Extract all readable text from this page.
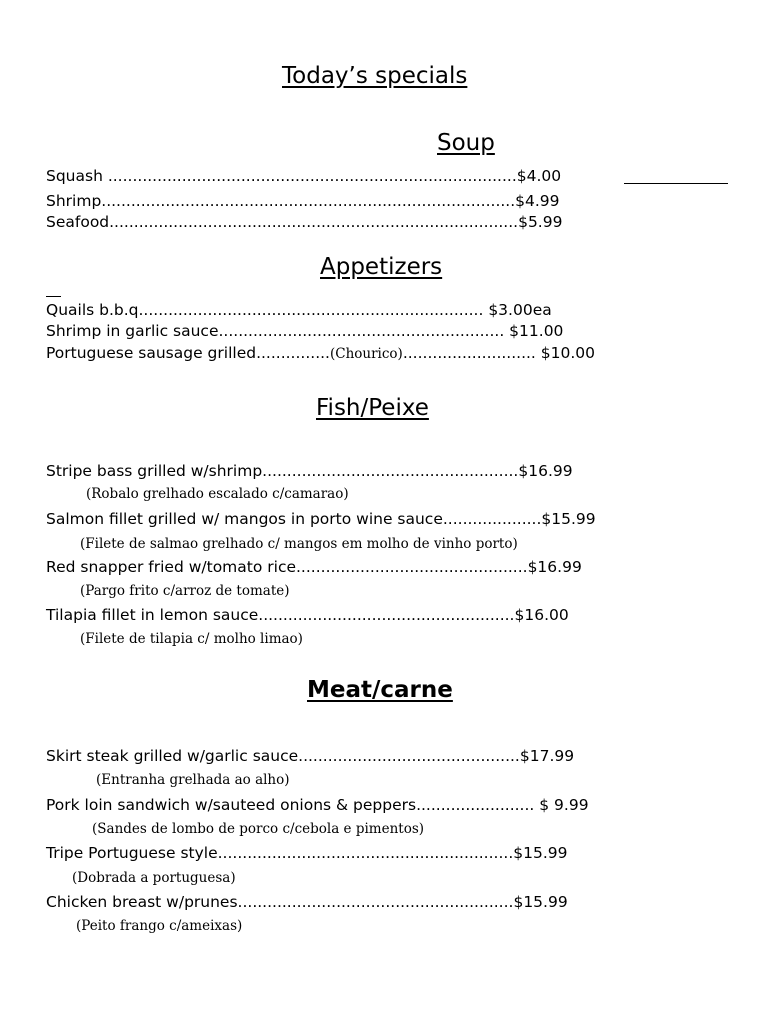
Today’s specials
Soup
Squash ...................................................................................$4.00
Shrimp....................................................................................$4.99
Seafood...................................................................................$5.99
Appetizers
Quails b.b.q...................................................................... $3.00ea
Shrimp in garlic sauce.......................................................... $11.00
Portuguese sausage grilled...............(Chourico)........................... $10.00
Fish/Peixe
Stripe bass grilled w/shrimp....................................................$16.99
(Robalo grelhado escalado c/camarao)
Salmon fillet grilled w/ mangos in porto wine sauce....................$15.99
(Filete de salmao grelhado c/ mangos em molho de vinho porto)
Red snapper fried w/tomato rice...............................................$16.99
(Pargo frito c/arroz de tomate)
Tilapia fillet in lemon sauce....................................................$16.00
(Filete de tilapia c/ molho limao)
Meat/carne
Skirt steak grilled w/garlic sauce.............................................$17.99
(Entranha grelhada ao alho)
Pork loin sandwich w/sauteed onions & peppers........................ $ 9.99
(Sandes de lombo de porco c/cebola e pimentos)
Tripe Portuguese style............................................................$15.99
(Dobrada a portuguesa)
Chicken breast w/prunes........................................................$15.99
(Peito frango c/ameixas)
